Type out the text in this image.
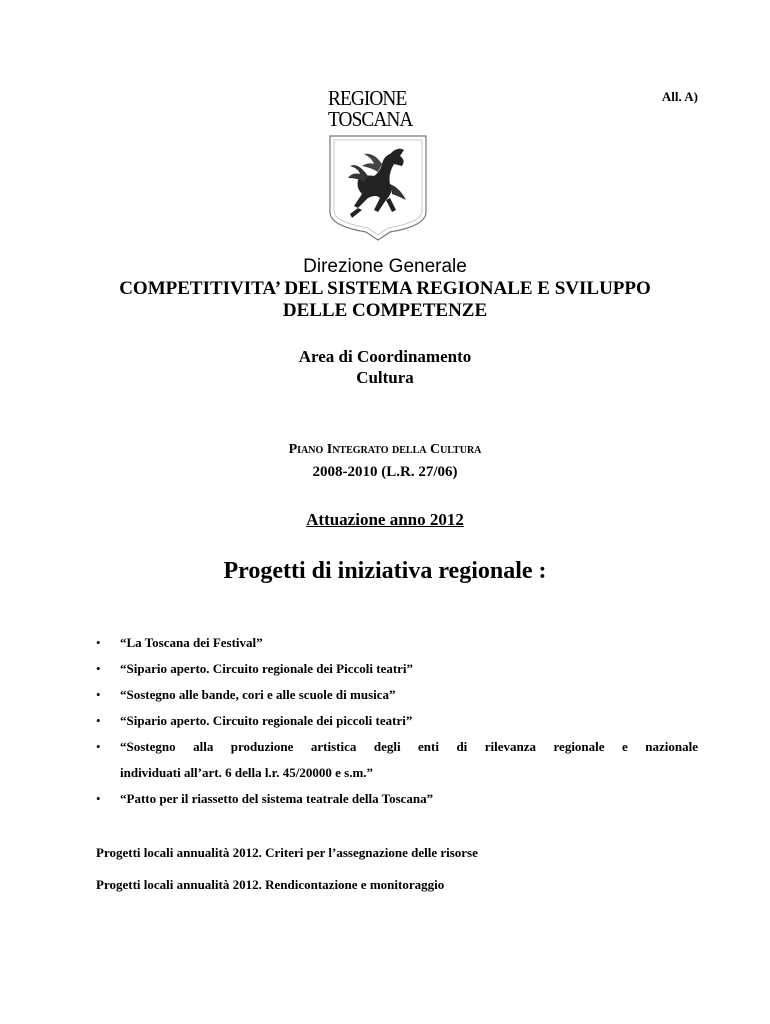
All. A)
REGIONE
TOSCANA
Direzione Generale
COMPETITIVITA’ DEL SISTEMA REGIONALE E SVILUPPO
DELLE COMPETENZE
Area di Coordinamento
Cultura
Piano Integrato della Cultura
2008-2010 (L.R. 27/06)
Attuazione anno 2012
Progetti di iniziativa regionale :
• “La Toscana dei Festival”
• “Sipario aperto. Circuito regionale dei Piccoli teatri”
• “Sostegno alle bande, cori e alle scuole di musica”
• “Sipario aperto. Circuito regionale dei piccoli teatri”
• “Sostegno alla produzione artistica degli enti di rilevanza regionale e nazionale
individuati all’art. 6 della l.r. 45/20000 e s.m.”
• “Patto per il riassetto del sistema teatrale della Toscana”
Progetti locali annualità 2012. Criteri per l’assegnazione delle risorse
Progetti locali annualità 2012. Rendicontazione e monitoraggio
